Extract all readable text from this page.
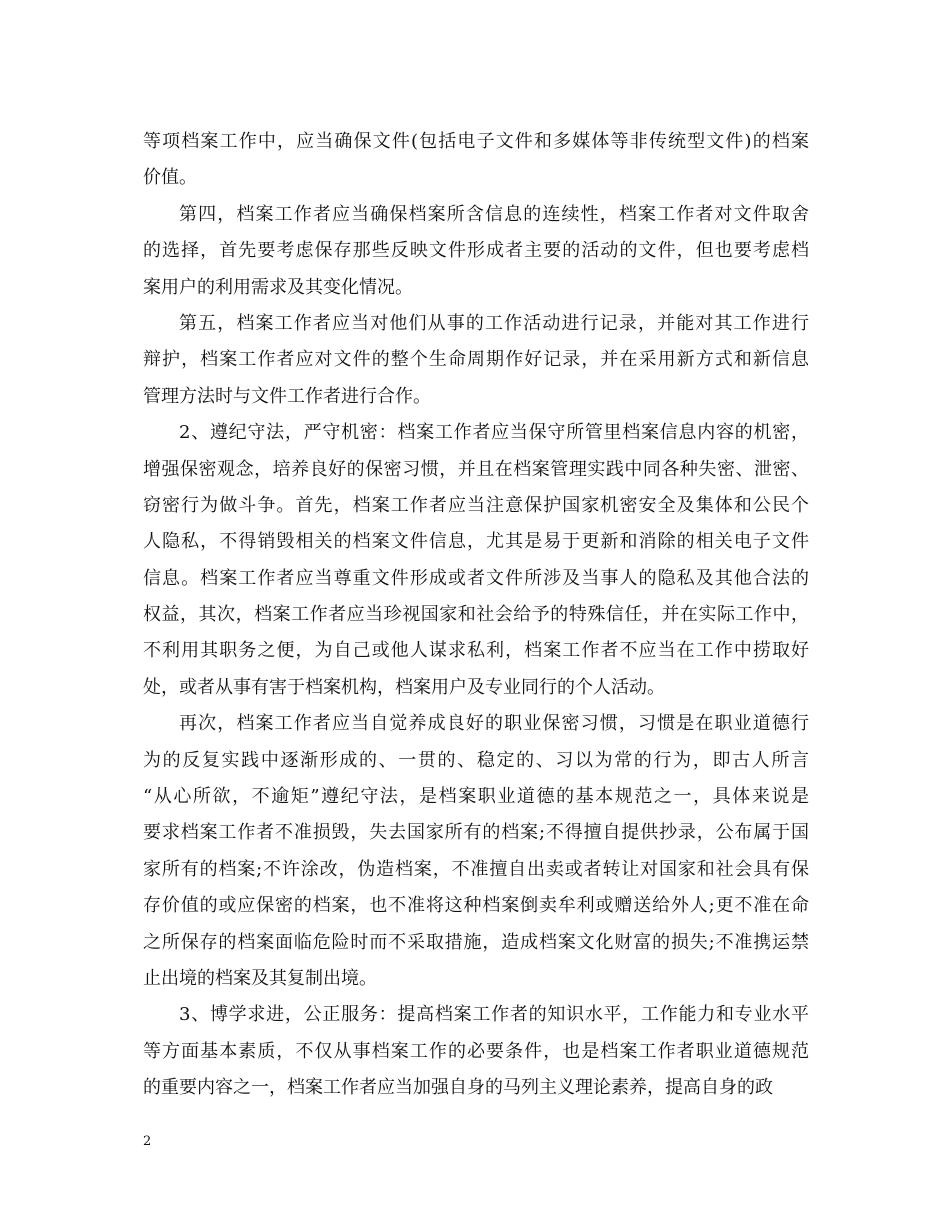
等项档案工作中，应当确保文件(包括电子文件和多媒体等非传统型文件)的档案
价值。
第四，档案工作者应当确保档案所含信息的连续性，档案工作者对文件取舍
的选择，首先要考虑保存那些反映文件形成者主要的活动的文件，但也要考虑档
案用户的利用需求及其变化情况。
第五，档案工作者应当对他们从事的工作活动进行记录，并能对其工作进行
辩护，档案工作者应对文件的整个生命周期作好记录，并在采用新方式和新信息
管理方法时与文件工作者进行合作。
2、遵纪守法，严守机密：档案工作者应当保守所管里档案信息内容的机密，
增强保密观念，培养良好的保密习惯，并且在档案管理实践中同各种失密、泄密、
窃密行为做斗争。首先，档案工作者应当注意保护国家机密安全及集体和公民个
人隐私，不得销毁相关的档案文件信息，尤其是易于更新和消除的相关电子文件
信息。档案工作者应当尊重文件形成或者文件所涉及当事人的隐私及其他合法的
权益，其次，档案工作者应当珍视国家和社会给予的特殊信任，并在实际工作中，
不利用其职务之便，为自己或他人谋求私利，档案工作者不应当在工作中捞取好
处，或者从事有害于档案机构，档案用户及专业同行的个人活动。
再次，档案工作者应当自觉养成良好的职业保密习惯，习惯是在职业道德行
为的反复实践中逐渐形成的、一贯的、稳定的、习以为常的行为，即古人所言
“从心所欲，不逾矩”遵纪守法，是档案职业道德的基本规范之一，具体来说是
要求档案工作者不准损毁，失去国家所有的档案;不得擅自提供抄录，公布属于国
家所有的档案;不许涂改，伪造档案，不准擅自出卖或者转让对国家和社会具有保
存价值的或应保密的档案，也不准将这种档案倒卖牟利或赠送给外人;更不准在命
之所保存的档案面临危险时而不采取措施，造成档案文化财富的损失;不准携运禁
止出境的档案及其复制出境。
3、博学求进，公正服务：提高档案工作者的知识水平，工作能力和专业水平
等方面基本素质，不仅从事档案工作的必要条件，也是档案工作者职业道德规范
的重要内容之一，档案工作者应当加强自身的马列主义理论素养，提高自身的政
2
